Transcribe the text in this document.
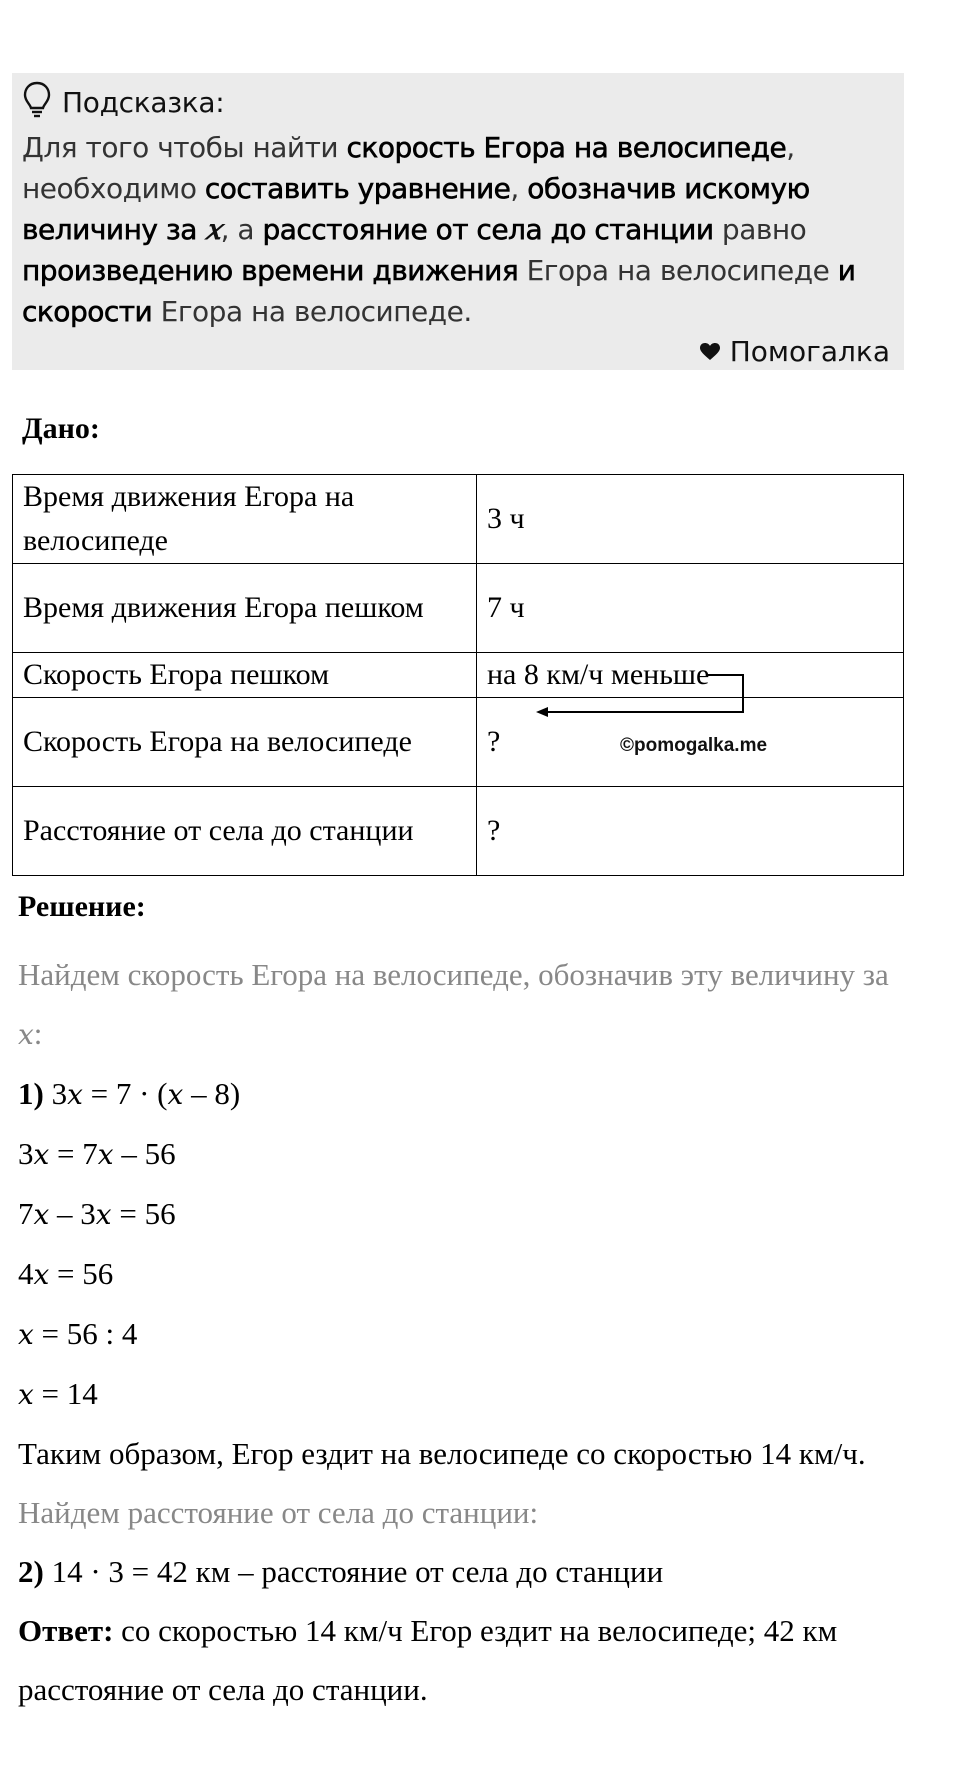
Подсказка:
Для того чтобы найти скорость Егора на велосипеде, необходимо составить уравнение, обозначив искомую величину за 𝑥, а расстояние от села до станции равно произведению времени движения Егора на велосипеде и скорости Егора на велосипеде.
Помогалка
Дано:
Время движения Егора на велосипеде	3 ч
Время движения Егора пешком	7 ч
Скорость Егора пешком	на 8 км/ч меньше
Скорость Егора на велосипеде	?
Расстояние от села до станции	?
©pomogalka.me
Решение:
Найдем скорость Егора на велосипеде, обозначив эту величину за 𝑥:
1) 3𝑥 = 7 · (𝑥 – 8)
3𝑥 = 7𝑥 – 56
7𝑥 – 3𝑥 = 56
4𝑥 = 56
𝑥 = 56 : 4
𝑥 = 14
Таким образом, Егор ездит на велосипеде со скоростью 14 км/ч.
Найдем расстояние от села до станции:
2) 14 · 3 = 42 км – расстояние от села до станции
Ответ: со скоростью 14 км/ч Егор ездит на велосипеде; 42 км расстояние от села до станции.
